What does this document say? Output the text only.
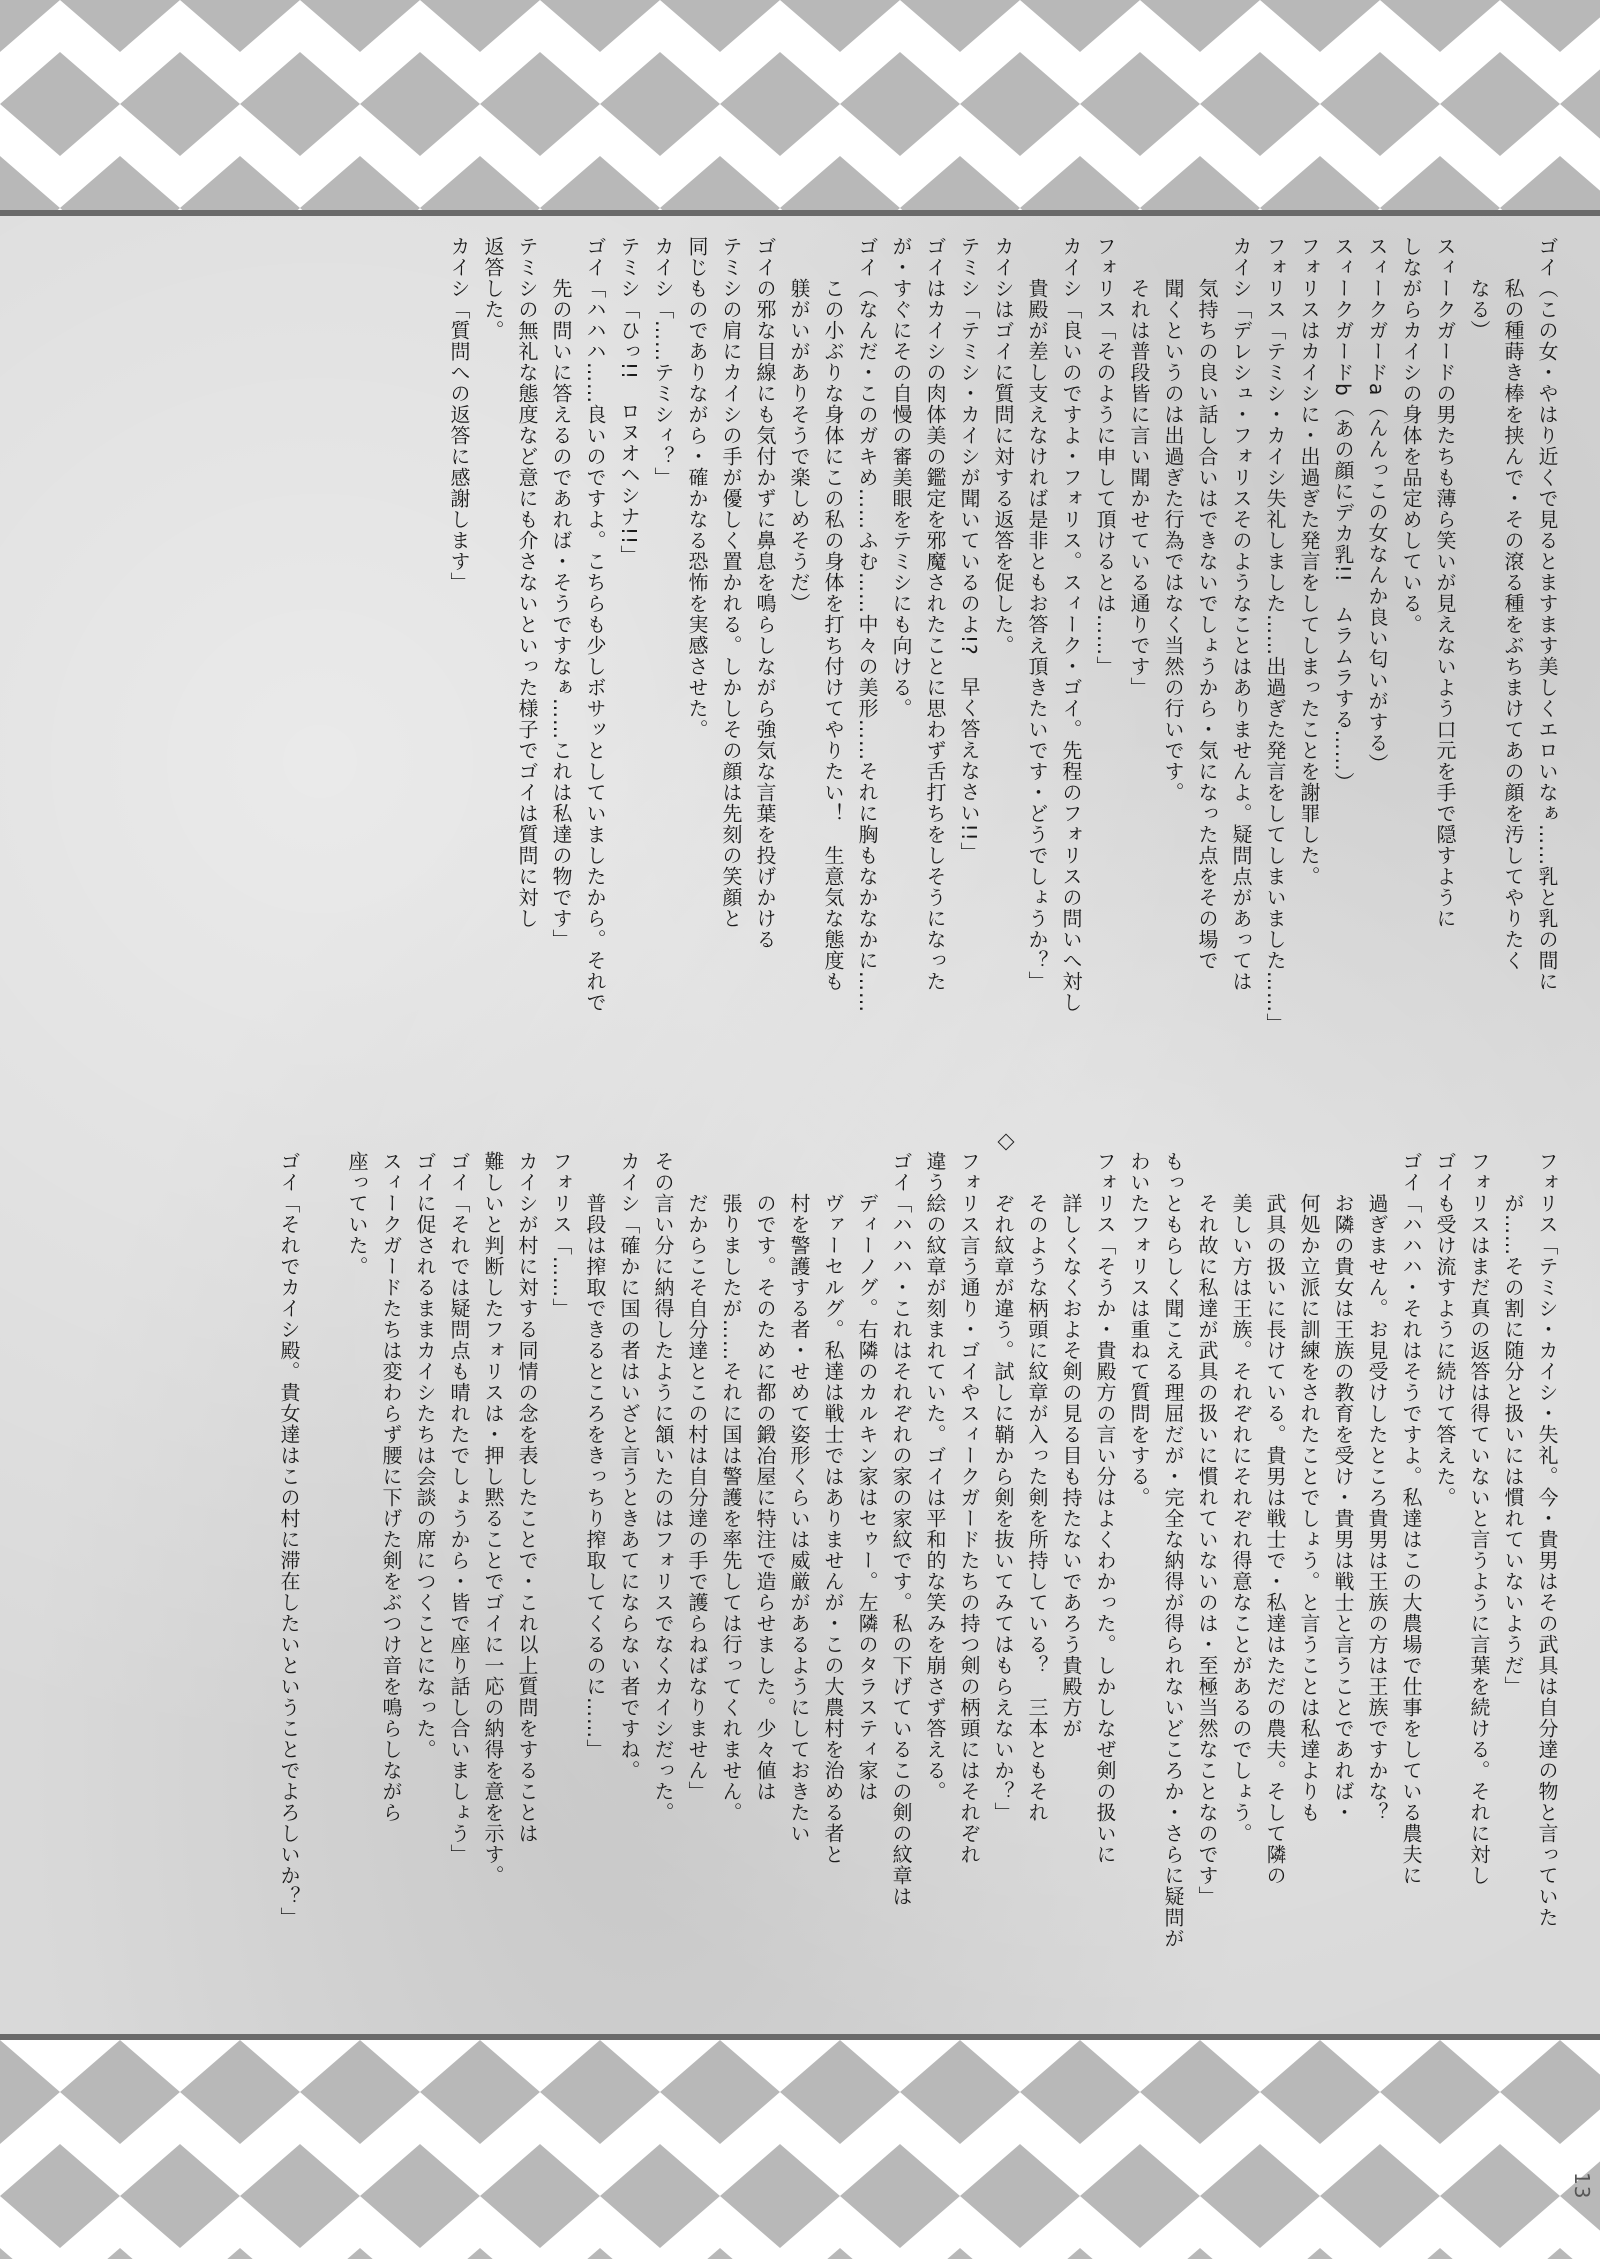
ゴイ（この女・やはり近くで見るとますます美しくエロいなぁ……乳と乳の間に
　　私の種蒔き棒を挟んで・その滾る種をぶちまけてあの顔を汚してやりたく
　　なる）
スィークガードの男たちも薄ら笑いが見えないよう口元を手で隠すように
しながらカイシの身体を品定めしている。
スィークガードa（んんっこの女なんか良い匂いがする）
スィークガードb（あの顔にデカ乳!!　ムラムラする……）
フォリスはカイシに・出過ぎた発言をしてしまったことを謝罪した。
フォリス「テミシ・カイシ失礼しました……出過ぎた発言をしてしまいました……」
カイシ「デレシュ・フォリスそのようなことはありませんよ。疑問点があっては
　　気持ちの良い話し合いはできないでしょうから・気になった点をその場で
　　聞くというのは出過ぎた行為ではなく当然の行いです。
　　それは普段皆に言い聞かせている通りです」
フォリス「そのように申して頂けるとは……」
カイシ「良いのですよ・フォリス。スィーク・ゴイ。先程のフォリスの問いへ対し
　　貴殿が差し支えなければ是非ともお答え頂きたいです・どうでしょうか？」
カイシはゴイに質問に対する返答を促した。
テミシ「テミシ・カイシが聞いているのよ!?　早く答えなさい!!」
ゴイはカイシの肉体美の鑑定を邪魔されたことに思わず舌打ちをしそうになった
が・すぐにその自慢の審美眼をテミシにも向ける。
ゴイ（なんだ・このガキめ……ふむ……中々の美形……それに胸もなかなかに……
　　この小ぶりな身体にこの私の身体を打ち付けてやりたい！　生意気な態度も
　　躾がいがありそうで楽しめそうだ）
ゴイの邪な目線にも気付かずに鼻息を鳴らしながら強気な言葉を投げかける
テミシの肩にカイシの手が優しく置かれる。しかしその顔は先刻の笑顔と
同じものでありながら・確かなる恐怖を実感させた。
カイシ「……テミシィ？」
テミシ「ひっ!!　ロヌオヘシナ!!」
ゴイ「ハハハ……良いのですよ。こちらも少しボサッとしていましたから。それで
　　先の問いに答えるのであれば・そうですなぁ……これは私達の物です」
テミシの無礼な態度など意にも介さないといった様子でゴイは質問に対し
返答した。
カイシ「質問への返答に感謝します」
フォリス「テミシ・カイシ・失礼。今・貴男はその武具は自分達の物と言っていた
　　が……その割に随分と扱いには慣れていないようだ」
フォリスはまだ真の返答は得ていないと言うように言葉を続ける。それに対し
ゴイも受け流すように続けて答えた。
ゴイ「ハハハ・それはそうですよ。私達はこの大農場で仕事をしている農夫に
　　過ぎません。お見受けしたところ貴男は王族の方は王族ですかな？
　　お隣の貴女は王族の教育を受け・貴男は戦士と言うことであれば・
　　何処か立派に訓練をされたことでしょう。と言うことは私達よりも
　　武具の扱いに長けている。貴男は戦士で・私達はただの農夫。そして隣の
　　美しい方は王族。それぞれにそれぞれ得意なことがあるのでしょう。
　　それ故に私達が武具の扱いに慣れていないのは・至極当然なことなのです」
もっともらしく聞こえる理屈だが・完全な納得が得られないどころか・さらに疑問が
わいたフォリスは重ねて質問をする。
フォリス「そうか・貴殿方の言い分はよくわかった。しかしなぜ剣の扱いに
　　詳しくなくおよそ剣の見る目も持たないであろう貴殿方が
　　そのような柄頭に紋章が入った剣を所持している？　三本ともそれ
　　ぞれ紋章が違う。試しに鞘から剣を抜いてみてはもらえないか？」
フォリス言う通り・ゴイやスィークガードたちの持つ剣の柄頭にはそれぞれ
違う絵の紋章が刻まれていた。ゴイは平和的な笑みを崩さず答える。
ゴイ「ハハハ・これはそれぞれの家の家紋です。私の下げているこの剣の紋章は
　　ディーノグ。右隣のカルキン家はセゥー。左隣のタラスティ家は
　　ヴァーセルグ。私達は戦士ではありませんが・この大農村を治める者と
　　村を警護する者・せめて姿形くらいは威厳があるようにしておきたい
　　のです。そのために都の鍛冶屋に特注で造らせました。少々値は
　　張りましたが……それに国は警護を率先しては行ってくれません。
　　だからこそ自分達とこの村は自分達の手で護らねばなりません」
その言い分に納得したように頷いたのはフォリスでなくカイシだった。
カイシ「確かに国の者はいざと言うときあてにならない者ですね。
　　普段は搾取できるところをきっちり搾取してくるのに……」
フォリス「……」
カイシが村に対する同情の念を表したことで・これ以上質問をすることは
難しいと判断したフォリスは・押し黙ることでゴイに一応の納得を意を示す。
ゴイ「それでは疑問点も晴れたでしょうから・皆で座り話し合いましょう」
ゴイに促されるままカイシたちは会談の席につくことになった。
スィークガードたちは変わらず腰に下げた剣をぶつけ音を鳴らしながら
座っていた。

ゴイ「それでカイシ殿。貴女達はこの村に滞在したいということでよろしいか？」
13
